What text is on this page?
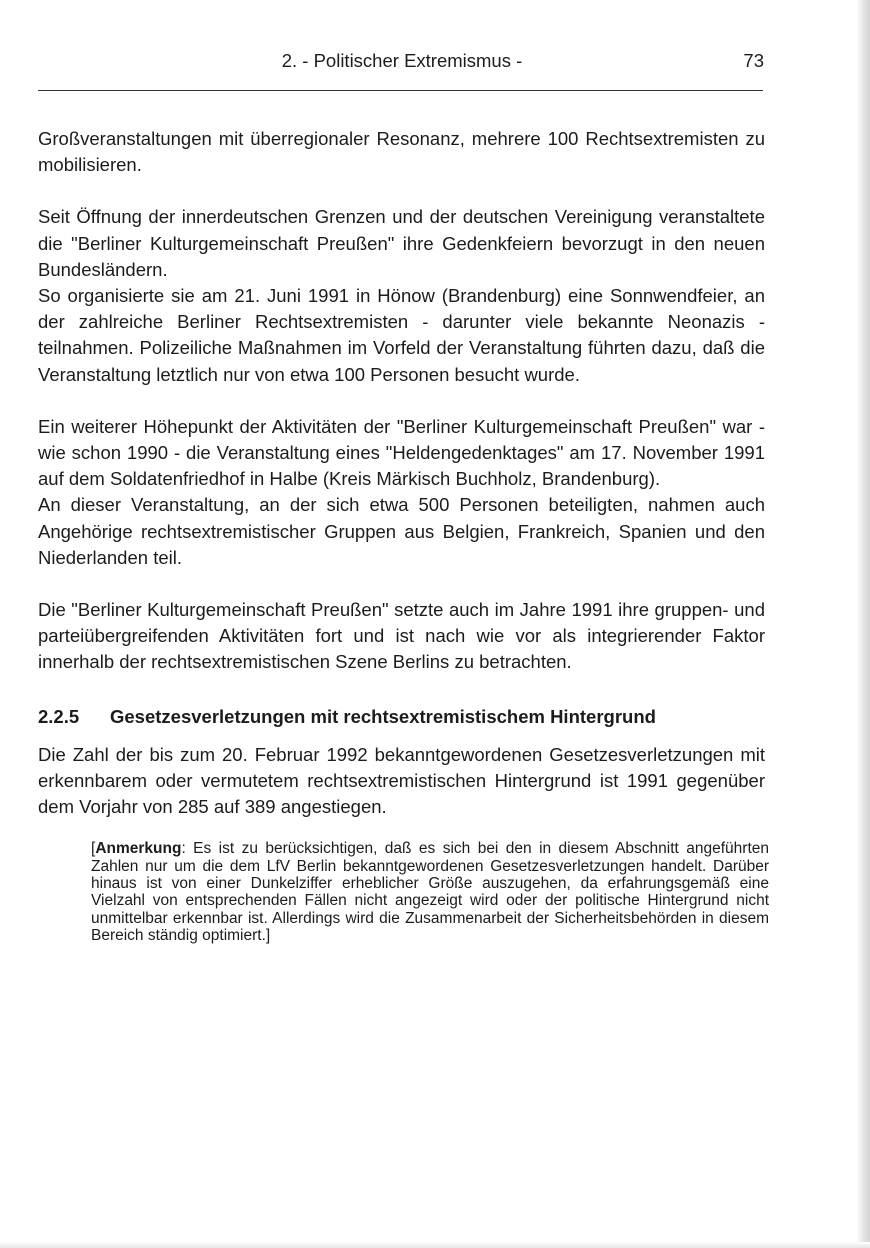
2. - Politischer Extremismus -	73

Großveranstaltungen mit überregionaler Resonanz, mehrere 100 Rechtsextremisten zu mobilisieren.

Seit Öffnung der innerdeutschen Grenzen und der deutschen Vereinigung veranstaltete die "Berliner Kulturgemeinschaft Preußen" ihre Gedenkfeiern bevorzugt in den neuen Bundesländern.

So organisierte sie am 21. Juni 1991 in Hönow (Brandenburg) eine Sonnwendfeier, an der zahlreiche Berliner Rechtsextremisten - darunter viele bekannte Neonazis - teilnahmen. Polizeiliche Maßnahmen im Vorfeld der Veranstaltung führten dazu, daß die Veranstaltung letztlich nur von etwa 100 Personen besucht wurde.

Ein weiterer Höhepunkt der Aktivitäten der "Berliner Kulturgemeinschaft Preußen" war - wie schon 1990 - die Veranstaltung eines "Heldengedenktages" am 17. November 1991 auf dem Soldatenfriedhof in Halbe (Kreis Märkisch Buchholz, Brandenburg).

An dieser Veranstaltung, an der sich etwa 500 Personen beteiligten, nahmen auch Angehörige rechtsextremistischer Gruppen aus Belgien, Frankreich, Spanien und den Niederlanden teil.

Die "Berliner Kulturgemeinschaft Preußen" setzte auch im Jahre 1991 ihre gruppen- und parteiübergreifenden Aktivitäten fort und ist nach wie vor als integrierender Faktor innerhalb der rechtsextremistischen Szene Berlins zu betrachten.

2.2.5	Gesetzesverletzungen mit rechtsextremistischem Hintergrund

Die Zahl der bis zum 20. Februar 1992 bekanntgewordenen Gesetzesverletzungen mit erkennbarem oder vermutetem rechtsextremistischen Hintergrund ist 1991 gegenüber dem Vorjahr von 285 auf 389 angestiegen.

[Anmerkung: Es ist zu berücksichtigen, daß es sich bei den in diesem Abschnitt angeführten Zahlen nur um die dem LfV Berlin bekanntgewordenen Gesetzesverletzungen handelt. Darüber hinaus ist von einer Dunkelziffer erheblicher Größe auszugehen, da erfahrungsgemäß eine Vielzahl von entsprechenden Fällen nicht angezeigt wird oder der politische Hintergrund nicht unmittelbar erkennbar ist. Allerdings wird die Zusammenarbeit der Sicherheitsbehörden in diesem Bereich ständig optimiert.]
